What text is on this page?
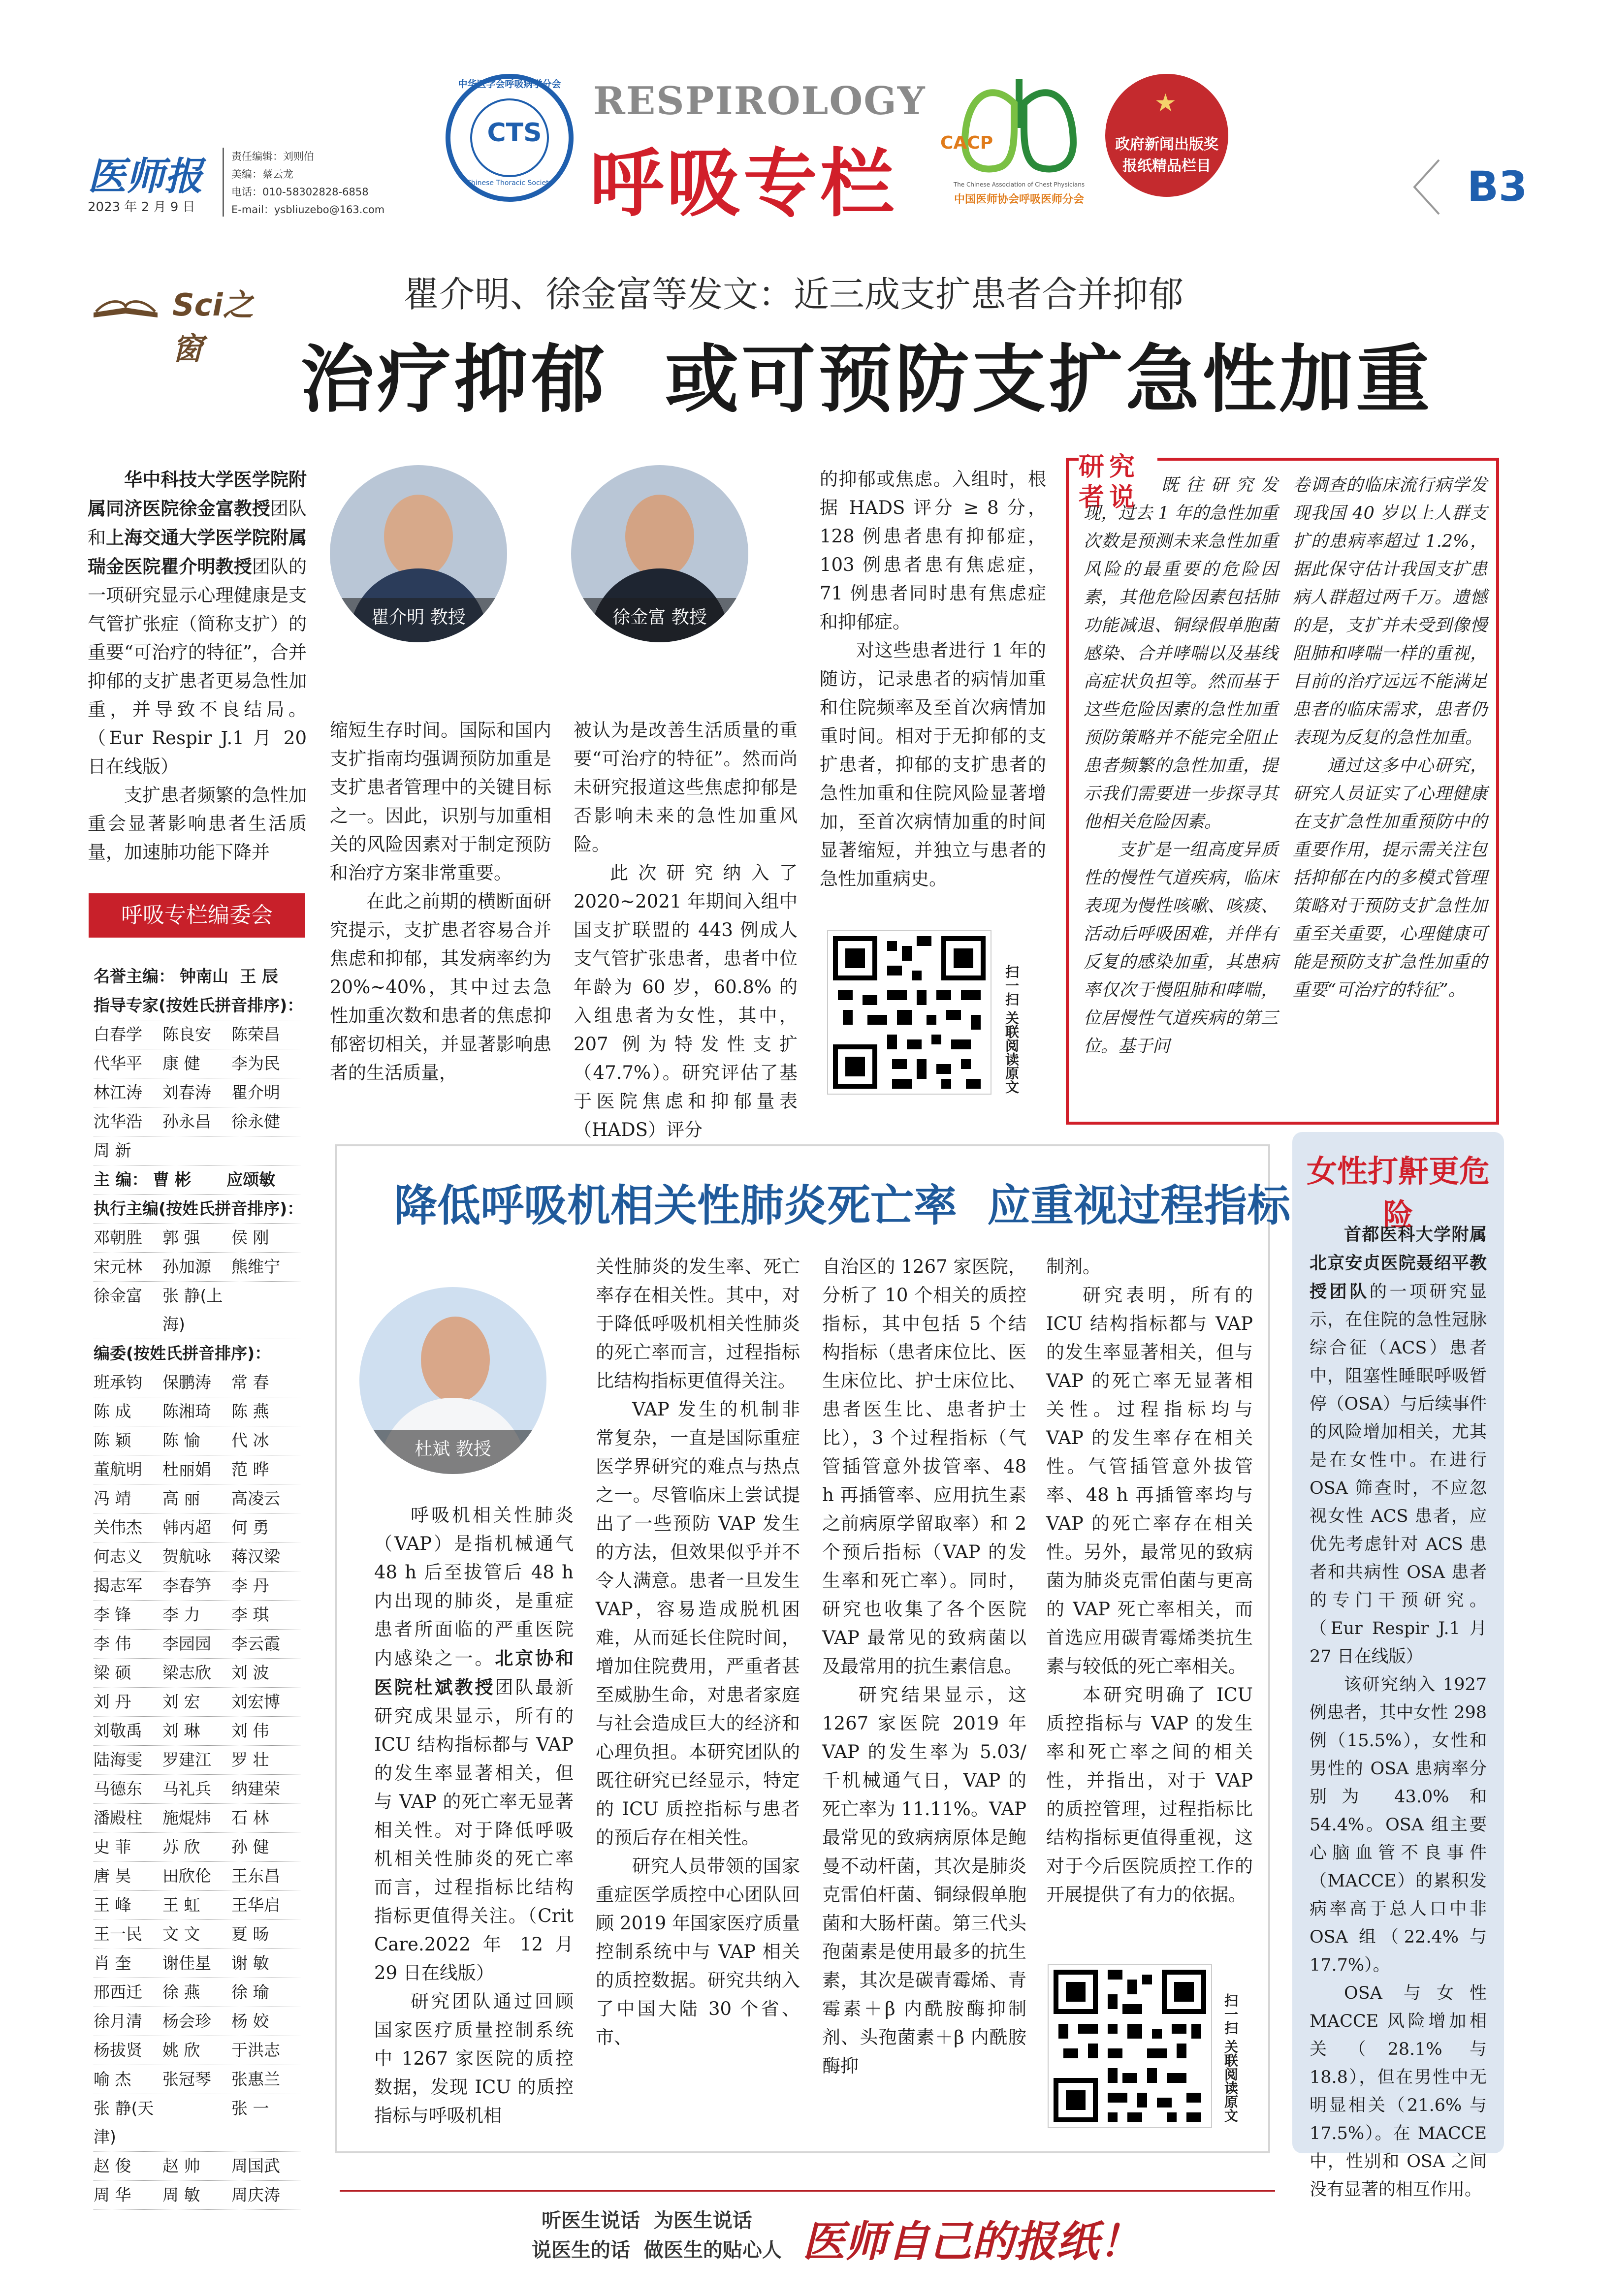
医师报
2023 年 2 月 9 日
责任编辑：刘则伯
美编：蔡云龙
电话：010-58302828-6858
E-mail：ysbliuzebo@163.com
CTS
中华医学会呼吸病学分会
Chinese Thoracic Society
RESPIROLOGY
呼吸专栏 CACP
The Chinese Association of Chest Physicians
中国医师协会呼吸医师分会
★
政府新闻出版奖
报纸精品栏目	B3
Sci之窗
瞿介明、徐金富等发文：近三成支扩患者合并抑郁
治疗抑郁  或可预防支扩急性加重

华中科技大学医学院附属同济医院徐金富教授团队和上海交通大学医学院附属瑞金医院瞿介明教授团队的一项研究显示心理健康是支气管扩张症（简称支扩）的重要“可治疗的特征”，合并抑郁的支扩患者更易急性加重，并导致不良结局。（Eur Respir J.1 月 20 日在线版）

支扩患者频繁的急性加重会显著影响患者生活质量，加速肺功能下降并

瞿介明 教授	徐金富 教授

缩短生存时间。国际和国内支扩指南均强调预防加重是支扩患者管理中的关键目标之一。因此，识别与加重相关的风险因素对于制定预防和治疗方案非常重要。

在此之前期的横断面研究提示，支扩患者容易合并焦虑和抑郁，其发病率约为 20%~40%，其中过去急性加重次数和患者的焦虑抑郁密切相关，并显著影响患者的生活质量，

被认为是改善生活质量的重要“可治疗的特征”。然而尚未研究报道这些焦虑抑郁是否影响未来的急性加重风险。

此次研究纳入了 2020~2021 年期间入组中国支扩联盟的 443 例成人支气管扩张患者，患者中位年龄为 60 岁，60.8% 的入组患者为女性，其中，207 例为特发性支扩（47.7%）。研究评估了基于医院焦虑和抑郁量表（HADS）评分

的抑郁或焦虑。入组时，根据 HADS 评分 ≥ 8 分，128 例患者患有抑郁症，103 例患者患有焦虑症，71 例患者同时患有焦虑症和抑郁症。

对这些患者进行 1 年的随访，记录患者的病情加重和住院频率及至首次病情加重时间。相对于无抑郁的支扩患者，抑郁的支扩患者的急性加重和住院风险显著增加，至首次病情加重的时间显著缩短，并独立与患者的急性加重病史。

扫一扫 关联阅读原文
研究
者说	既往研究发现，过去 1 年的急性加重次数是预测未来急性加重风险的最重要的危险因素，其他危险因素包括肺功能减退、铜绿假单胞菌感染、合并哮喘以及基线高症状负担等。然而基于这些危险因素的急性加重预防策略并不能完全阻止患者频繁的急性加重，提示我们需要进一步探寻其他相关危险因素。

支扩是一组高度异质性的慢性气道疾病，临床表现为慢性咳嗽、咳痰、活动后呼吸困难，并伴有反复的感染加重，其患病率仅次于慢阻肺和哮喘，位居慢性气道疾病的第三位。基于问

卷调查的临床流行病学发现我国 40 岁以上人群支扩的患病率超过 1.2%，据此保守估计我国支扩患病人群超过两千万。遗憾的是，支扩并未受到像慢阻肺和哮喘一样的重视，目前的治疗远远不能满足患者的临床需求，患者仍表现为反复的急性加重。

通过这多中心研究，研究人员证实了心理健康在支扩急性加重预防中的重要作用，提示需关注包括抑郁在内的多模式管理策略对于预防支扩急性加重至关重要，心理健康可能是预防支扩急性加重的重要“可治疗的特征”。

呼吸专栏编委会
名誉主编： 钟南山 王 辰
指导专家(按姓氏拼音排序)：
白春学	陈良安	陈荣昌
代华平	康 健	李为民
林江涛	刘春涛	瞿介明
沈华浩	孙永昌	徐永健
周 新
主 编： 曹 彬	应颂敏
执行主编(按姓氏拼音排序)：
邓朝胜	郭 强	侯 刚
宋元林	孙加源	熊维宁
徐金富	张 静(上海)
编委(按姓氏拼音排序)：
班承钧	保鹏涛	常 春
陈 成	陈湘琦	陈 燕
陈 颖	陈 愉	代 冰
董航明	杜丽娟	范 晔
冯 靖	高 丽	高凌云
关伟杰	韩丙超	何 勇
何志义	贺航咏	蒋汉梁
揭志军	李春笋	李 丹
李 锋	李 力	李 琪
李 伟	李园园	李云霞
梁 硕	梁志欣	刘 波
刘 丹	刘 宏	刘宏博
刘敬禹	刘 琳	刘 伟
陆海雯	罗建江	罗 壮
马德东	马礼兵	纳建荣
潘殿柱	施焜炜	石 林
史 菲	苏 欣	孙 健
唐 昊	田欣伦	王东昌
王 峰	王 虹	王华启
王一民	文 文	夏 旸
肖 奎	谢佳星	谢 敏
邢西迁	徐 燕	徐 瑜
徐月清	杨会珍	杨 姣
杨拔贤	姚 欣	于洪志
喻 杰	张冠琴	张惠兰
张 静(天津)
张 一
赵 俊	赵 帅	周国武
周 华	周 敏	周庆涛
降低呼吸机相关性肺炎死亡率  应重视过程指标
杜斌 教授

呼吸机相关性肺炎（VAP）是指机械通气 48 h 后至拔管后 48 h 内出现的肺炎，是重症患者所面临的严重医院内感染之一。北京协和医院杜斌教授团队最新研究成果显示，所有的 ICU 结构指标都与 VAP 的发生率显著相关，但与 VAP 的死亡率无显著相关性。对于降低呼吸机相关性肺炎的死亡率而言，过程指标比结构指标更值得关注。（Crit Care.2022 年 12 月 29 日在线版）

研究团队通过回顾国家医疗质量控制系统中 1267 家医院的质控数据，发现 ICU 的质控指标与呼吸机相

关性肺炎的发生率、死亡率存在相关性。其中，对于降低呼吸机相关性肺炎的死亡率而言，过程指标比结构指标更值得关注。

VAP 发生的机制非常复杂，一直是国际重症医学界研究的难点与热点之一。尽管临床上尝试提出了一些预防 VAP 发生的方法，但效果似乎并不令人满意。患者一旦发生 VAP，容易造成脱机困难，从而延长住院时间，增加住院费用，严重者甚至威胁生命，对患者家庭与社会造成巨大的经济和心理负担。本研究团队的既往研究已经显示，特定的 ICU 质控指标与患者的预后存在相关性。

研究人员带领的国家重症医学质控中心团队回顾 2019 年国家医疗质量控制系统中与 VAP 相关的质控数据。研究共纳入了中国大陆 30 个省、市、

自治区的 1267 家医院，分析了 10 个相关的质控指标，其中包括 5 个结构指标（患者床位比、医生床位比、护士床位比、患者医生比、患者护士比），3 个过程指标（气管插管意外拔管率、48 h 再插管率、应用抗生素之前病原学留取率）和 2 个预后指标（VAP 的发生率和死亡率）。同时，研究也收集了各个医院 VAP 最常见的致病菌以及最常用的抗生素信息。

研究结果显示，这 1267 家医院 2019 年 VAP 的发生率为 5.03/千机械通气日，VAP 的死亡率为 11.11%。VAP 最常见的致病病原体是鲍曼不动杆菌，其次是肺炎克雷伯杆菌、铜绿假单胞菌和大肠杆菌。第三代头孢菌素是使用最多的抗生素，其次是碳青霉烯、青霉素＋β 内酰胺酶抑制剂、头孢菌素＋β 内酰胺酶抑

制剂。

研究表明，所有的 ICU 结构指标都与 VAP 的发生率显著相关，但与 VAP 的死亡率无显著相关性。过程指标均与 VAP 的发生率存在相关性。气管插管意外拔管率、48 h 再插管率均与 VAP 的死亡率存在相关性。另外，最常见的致病菌为肺炎克雷伯菌与更高的 VAP 死亡率相关，而首选应用碳青霉烯类抗生素与较低的死亡率相关。

本研究明确了 ICU 质控指标与 VAP 的发生率和死亡率之间的相关性，并指出，对于 VAP 的质控管理，过程指标比结构指标更值得重视，这对于今后医院质控工作的开展提供了有力的依据。

扫一扫 关联阅读原文
女性打鼾更危险

首都医科大学附属北京安贞医院聂绍平教授团队的一项研究显示，在住院的急性冠脉综合征（ACS）患者中，阻塞性睡眠呼吸暂停（OSA）与后续事件的风险增加相关，尤其是在女性中。在进行 OSA 筛查时，不应忽视女性 ACS 患者，应优先考虑针对 ACS 患者和共病性 OSA 患者的专门干预研究。（Eur Respir J.1 月 27 日在线版）

该研究纳入 1927 例患者，其中女性 298 例（15.5%），女性和男性的 OSA 患病率分别为 43.0% 和 54.4%。OSA 组主要心脑血管不良事件（MACCE）的累积发病率高于总人口中非 OSA 组（22.4% 与 17.7%）。

OSA 与女性 MACCE 风险增加相关（28.1% 与 18.8），但在男性中无明显相关（21.6% 与 17.5%）。在 MACCE 中，性别和 OSA 之间没有显著的相互作用。

听医生说话  为医生说话
说医生的话  做医生的贴心人 医师自己的报纸！
